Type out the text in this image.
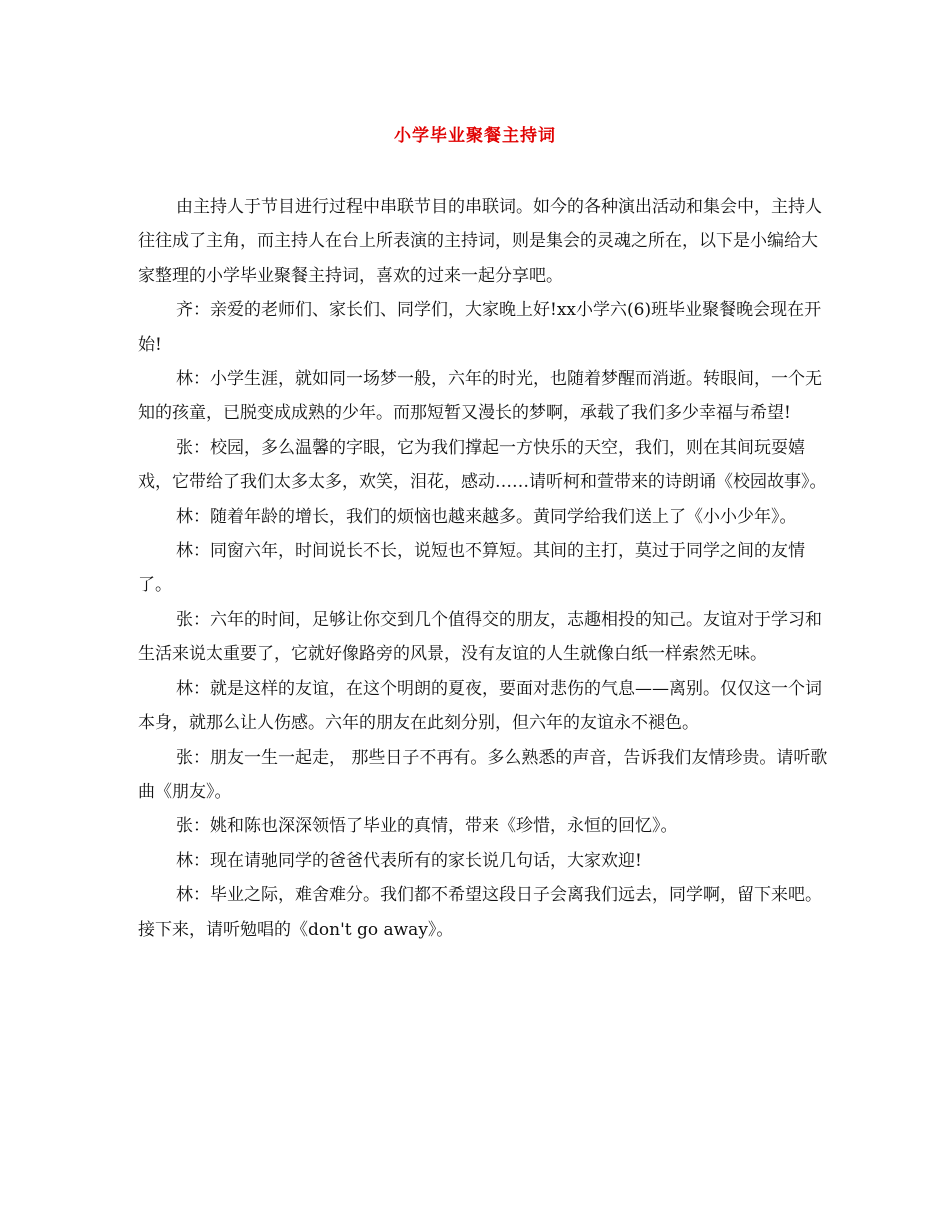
小学毕业聚餐主持词

由主持人于节目进行过程中串联节目的串联词。如今的各种演出活动和集会中，主持人往往成了主角，而主持人在台上所表演的主持词，则是集会的灵魂之所在，以下是小编给大家整理的小学毕业聚餐主持词，喜欢的过来一起分享吧。

齐：亲爱的老师们、家长们、同学们，大家晚上好!xx小学六(6)班毕业聚餐晚会现在开始!

林：小学生涯，就如同一场梦一般，六年的时光，也随着梦醒而消逝。转眼间，一个无知的孩童，已脱变成成熟的少年。而那短暂又漫长的梦啊，承载了我们多少幸福与希望!

张：校园，多么温馨的字眼，它为我们撑起一方快乐的天空，我们，则在其间玩耍嬉戏，它带给了我们太多太多，欢笑，泪花，感动……请听柯和萱带来的诗朗诵《校园故事》。

林：随着年龄的增长，我们的烦恼也越来越多。黄同学给我们送上了《小小少年》。

林：同窗六年，时间说长不长，说短也不算短。其间的主打，莫过于同学之间的友情了。

张：六年的时间，足够让你交到几个值得交的朋友，志趣相投的知己。友谊对于学习和生活来说太重要了，它就好像路旁的风景，没有友谊的人生就像白纸一样索然无味。

林：就是这样的友谊，在这个明朗的夏夜，要面对悲伤的气息——离别。仅仅这一个词本身，就那么让人伤感。六年的朋友在此刻分别，但六年的友谊永不褪色。

张：朋友一生一起走， 那些日子不再有。多么熟悉的声音，告诉我们友情珍贵。请听歌曲《朋友》。

张：姚和陈也深深领悟了毕业的真情，带来《珍惜，永恒的回忆》。

林：现在请驰同学的爸爸代表所有的家长说几句话，大家欢迎!

林：毕业之际，难舍难分。我们都不希望这段日子会离我们远去，同学啊，留下来吧。接下来，请听勉唱的《don't go away》。
